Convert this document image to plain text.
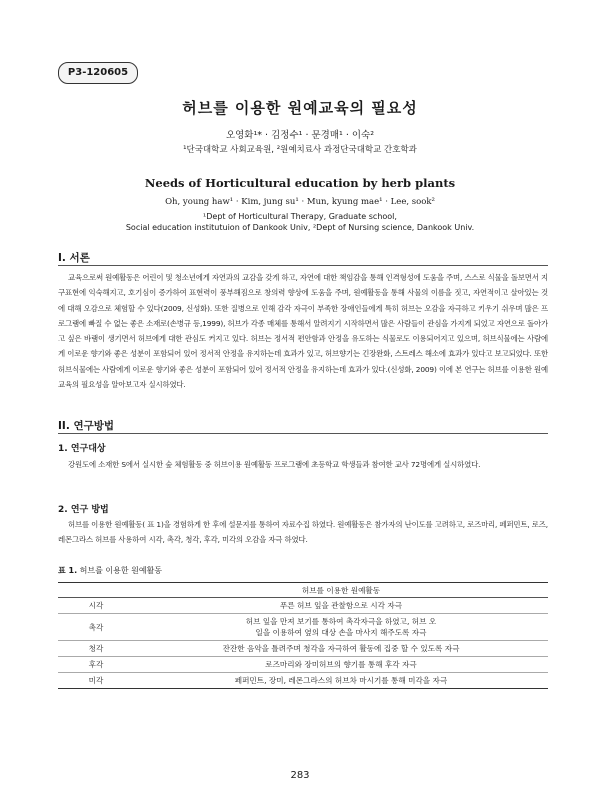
P3-120605
허브를 이용한 원예교육의 필요성
오영화¹* · 김정수¹ · 문경매¹ · 이숙²
¹단국대학교 사회교육원, ²원예치료사 과정단국대학교 간호학과
Needs of Horticultural education by herb plants
Oh, young haw¹ · Kim, jung su¹ · Mun, kyung mae¹ · Lee, sook²
¹Dept of Horticultural Therapy, Graduate school,
Social education institutuion of Dankook Univ, ²Dept of Nursing science, Dankook Univ.
I. 서론
교육으로써 원예활동은 어린이 및 청소년에게 자연과의 교감을 갖게 하고, 자연에 대한 책임감을 통해 인격형성에 도움을 주며, 스스로 식물을 돌보면서 지구표현에 익숙해지고, 호기심이 증가하여 표현력이 풍부해짐으로 창의력 향상에 도움을 주며, 원예활동을 통해 사물의 이름을 짓고, 자연적이고 살아있는 것에 대해 오감으로 체험할 수 있다(2009, 신성화). 또한 질병으로 인해 감각 자극이 부족한 장애인들에게 특히 허브는 오감을 자극하고 키우기 쉬우며 많은 프로그램에 빠질 수 없는 좋은 소재로(손병규 등,1999), 허브가 각종 매체를 통해서 알려지기 시작하면서 많은 사람들이 관심을 가지게 되었고 자연으로 돌아가고 싶은 바램이 생기면서 허브에게 대한 관심도 커지고 있다. 허브는 정서적 편안함과 안정을 유도하는 식물로도 이용되어지고 있으며, 허브식물에는 사람에게 이로운 향기와 좋은 성분이 포함되어 있어 정서적 안정을 유지하는데 효과가 있고, 허브향기는 긴장완화, 스트레스 해소에 효과가 있다고 보고되었다. 또한 허브식물에는 사람에게 이로운 향기와 좋은 성분이 포함되어 있어 정서적 안정을 유지하는데 효과가 있다.(신성화, 2009) 이에 본 연구는 허브를 이용한 원예교육의 필요성을 알아보고자 실시하였다.
II. 연구방법
1. 연구대상
강원도에 소재한 S에서 실시한 숲 체험활동 중 허브이용 원예활동 프로그램에 초등학교 학생들과 참여한 교사 72명에게 실시하였다.
2. 연구 방법
허브를 이용한 원예활동( 표 1)을 경험하게 한 후에 설문지를 통하여 자료수집 하였다. 원예활동은 참가자의 난이도를 고려하고, 로즈마리, 페퍼민트, 로즈, 레몬그라스 허브를 사용하여 시각, 촉각, 청각, 후각, 미각의 오감을 자극 하였다.
표 1. 허브를 이용한 원예활동
	허브를 이용한 원예활동
시각	푸른 허브 잎을 관찰함으로 시각 자극
촉각	허브 잎을 만져 보기를 통하여 촉각자극을 하였고, 허브 오일을 이용하여 옆의 대상 손을 마사지 해주도록 자극
청각	잔잔한 음악을 틀려주며 청각을 자극하여 활동에 집중 할 수 있도록 자극
후각	로즈마리와 장미허브의 향기를 통해 후각 자극
미각	페퍼민트, 장미, 레몬그라스의 허브차 마시기를 통해 미각을 자극
283
